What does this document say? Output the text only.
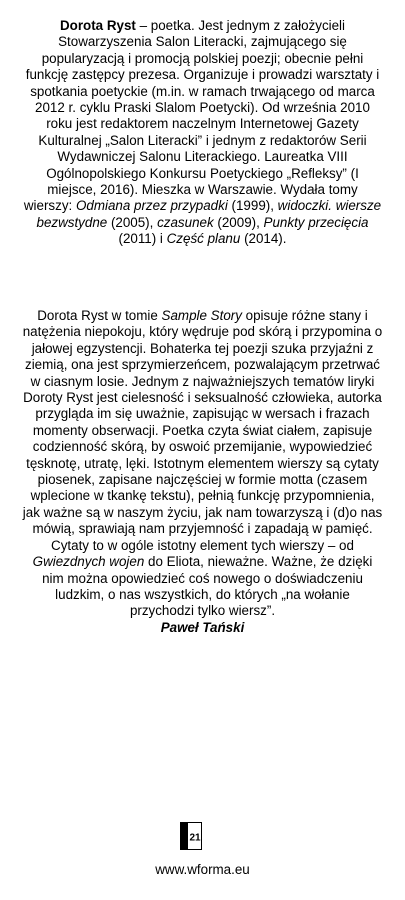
Dorota Ryst – poetka. Jest jednym z założycieli Stowarzyszenia Salon Literacki, zajmującego się popularyzacją i promocją polskiej poezji; obecnie pełni funkcję zastępcy prezesa. Organizuje i prowadzi warsztaty i spotkania poetyckie (m.in. w ramach trwającego od marca 2012 r. cyklu Praski Slalom Poetycki). Od września 2010 roku jest redaktorem naczelnym Internetowej Gazety Kulturalnej „Salon Literacki” i jednym z redaktorów Serii Wydawniczej Salonu Literackiego. Laureatka VIII Ogólnopolskiego Konkursu Poetyckiego „Refleksy” (I miejsce, 2016). Mieszka w Warszawie. Wydała tomy wierszy: Odmiana przez przypadki (1999), widoczki. wiersze bezwstydne (2005), czasunek (2009), Punkty przecięcia (2011) i Część planu (2014).
Dorota Ryst w tomie Sample Story opisuje różne stany i natężenia niepokoju, który wędruje pod skórą i przypomina o jałowej egzystencji. Bohaterka tej poezji szuka przyjaźni z ziemią, ona jest sprzymierzeńcem, pozwalającym przetrwać w ciasnym losie. Jednym z najważniejszych tematów liryki Doroty Ryst jest cielesność i seksualność człowieka, autorka przygląda im się uważnie, zapisując w wersach i frazach momenty obserwacji. Poetka czyta świat ciałem, zapisuje codzienność skórą, by oswoić przemijanie, wypowiedzieć tęsknotę, utratę, lęki. Istotnym elementem wierszy są cytaty piosenek, zapisane najczęściej w formie motta (czasem wplecione w tkankę tekstu), pełnią funkcję przypomnienia, jak ważne są w naszym życiu, jak nam towarzyszą i (d)o nas mówią, sprawiają nam przyjemność i zapadają w pamięć. Cytaty to w ogóle istotny element tych wierszy – od Gwiezdnych wojen do Eliota, nieważne. Ważne, że dzięki nim można opowiedzieć coś nowego o doświadczeniu ludzkim, o nas wszystkich, do których „na wołanie przychodzi tylko wiersz”.
Paweł Tański
21
www.wforma.eu
